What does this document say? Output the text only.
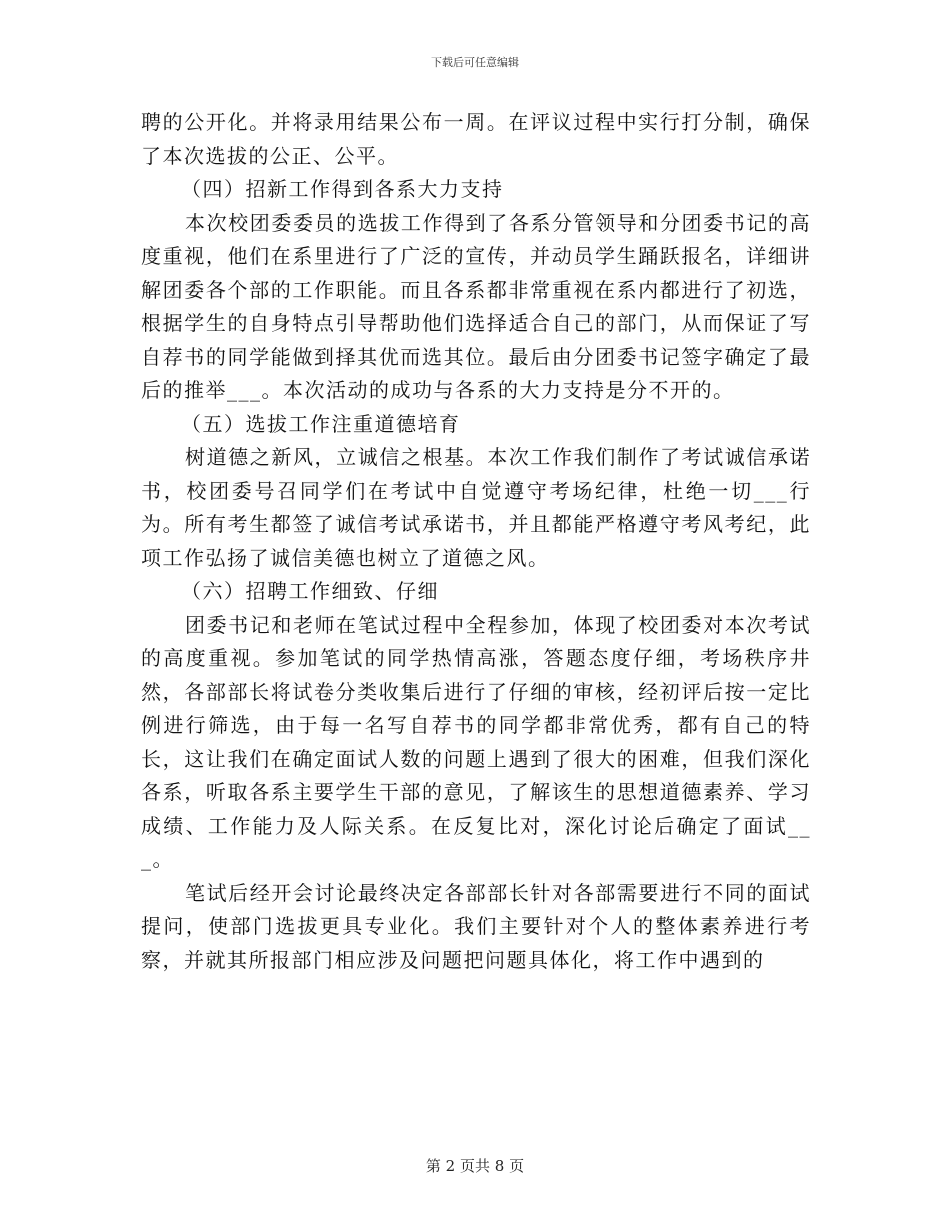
下载后可任意编辑

聘的公开化。并将录用结果公布一周。在评议过程中实行打分制，确保了本次选拔的公正、公平。

（四）招新工作得到各系大力支持

本次校团委委员的选拔工作得到了各系分管领导和分团委书记的高度重视，他们在系里进行了广泛的宣传，并动员学生踊跃报名，详细讲解团委各个部的工作职能。而且各系都非常重视在系内都进行了初选，根据学生的自身特点引导帮助他们选择适合自己的部门，从而保证了写自荐书的同学能做到择其优而选其位。最后由分团委书记签字确定了最后的推举___。本次活动的成功与各系的大力支持是分不开的。

（五）选拔工作注重道德培育

树道德之新风，立诚信之根基。本次工作我们制作了考试诚信承诺书，校团委号召同学们在考试中自觉遵守考场纪律，杜绝一切___行为。所有考生都签了诚信考试承诺书，并且都能严格遵守考风考纪，此项工作弘扬了诚信美德也树立了道德之风。

（六）招聘工作细致、仔细

团委书记和老师在笔试过程中全程参加，体现了校团委对本次考试的高度重视。参加笔试的同学热情高涨，答题态度仔细，考场秩序井然，各部部长将试卷分类收集后进行了仔细的审核，经初评后按一定比例进行筛选，由于每一名写自荐书的同学都非常优秀，都有自己的特长，这让我们在确定面试人数的问题上遇到了很大的困难，但我们深化各系，听取各系主要学生干部的意见，了解该生的思想道德素养、学习成绩、工作能力及人际关系。在反复比对，深化讨论后确定了面试___。

笔试后经开会讨论最终决定各部部长针对各部需要进行不同的面试提问，使部门选拔更具专业化。我们主要针对个人的整体素养进行考察，并就其所报部门相应涉及问题把问题具体化，将工作中遇到的

第 2 页共 8 页
